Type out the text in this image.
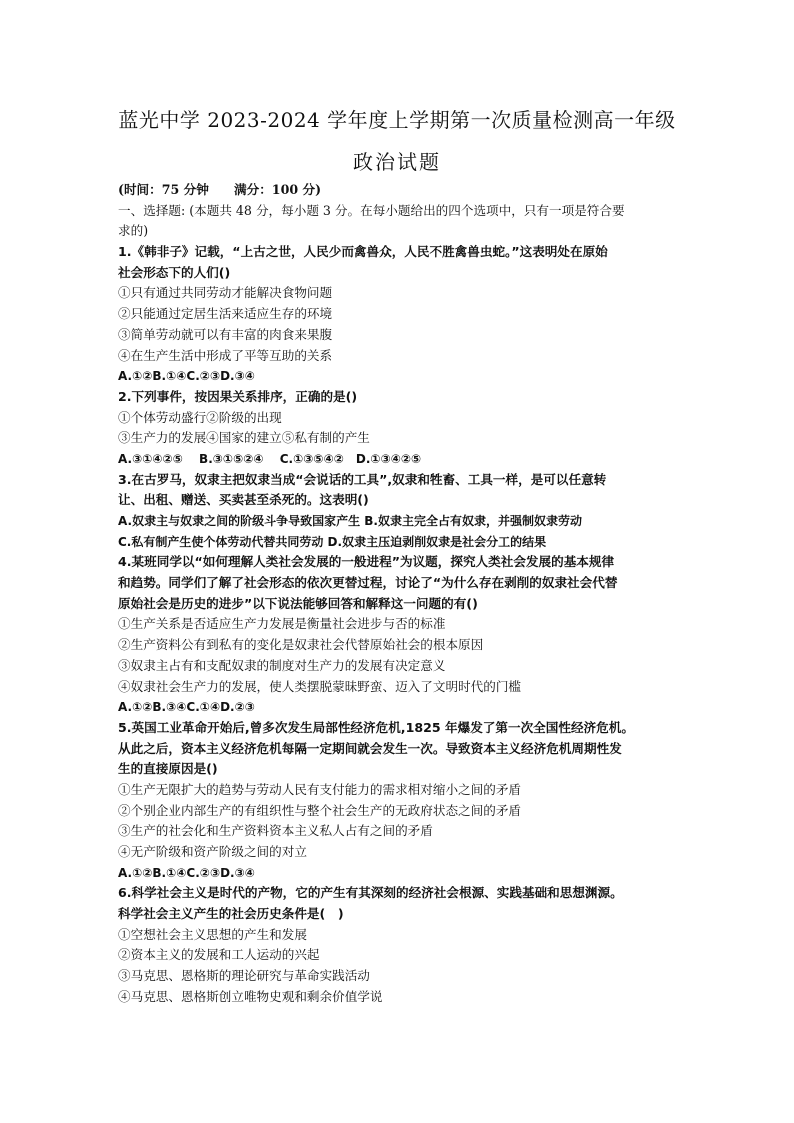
蓝光中学 2023-2024 学年度上学期第一次质量检测高一年级
政治试题
(时间：75 分钟　　满分：100 分)
一、选择题: (本题共 48 分，每小题 3 分。在每小题给出的四个选项中，只有一项是符合要
求的)
1.《韩非子》记载，“上古之世，人民少而禽兽众，人民不胜禽兽虫蛇。”这表明处在原始
社会形态下的人们()
①只有通过共同劳动才能解决食物问题
②只能通过定居生活来适应生存的环境
③简单劳动就可以有丰富的肉食来果腹
④在生产生活中形成了平等互助的关系
A.①②B.①④C.②③D.③④
2.下列事件，按因果关系排序，正确的是()
①个体劳动盛行②阶级的出现
③生产力的发展④国家的建立⑤私有制的产生
A.③①④②⑤　 B.③①⑤②④　 C.①③⑤④②　D.①③④②⑤
3.在古罗马，奴隶主把奴隶当成“会说话的工具”,奴隶和牲畜、工具一样，是可以任意转
让、出租、赠送、买卖甚至杀死的。这表明()
A.奴隶主与奴隶之间的阶级斗争导致国家产生 B.奴隶主完全占有奴隶，并强制奴隶劳动
C.私有制产生使个体劳动代替共同劳动 D.奴隶主压迫剥削奴隶是社会分工的结果
4.某班同学以“如何理解人类社会发展的一般进程”为议题，探究人类社会发展的基本规律
和趋势。同学们了解了社会形态的依次更替过程，讨论了“为什么存在剥削的奴隶社会代替
原始社会是历史的进步”以下说法能够回答和解释这一问题的有()
①生产关系是否适应生产力发展是衡量社会进步与否的标准
②生产资料公有到私有的变化是奴隶社会代替原始社会的根本原因
③奴隶主占有和支配奴隶的制度对生产力的发展有决定意义
④奴隶社会生产力的发展，使人类摆脱蒙昧野蛮、迈入了文明时代的门槛
A.①②B.③④C.①④D.②③
5.英国工业革命开始后,曾多次发生局部性经济危机,1825 年爆发了第一次全国性经济危机。
从此之后，资本主义经济危机每隔一定期间就会发生一次。导致资本主义经济危机周期性发
生的直接原因是()
①生产无限扩大的趋势与劳动人民有支付能力的需求相对缩小之间的矛盾
②个别企业内部生产的有组织性与整个社会生产的无政府状态之间的矛盾
③生产的社会化和生产资料资本主义私人占有之间的矛盾
④无产阶级和资产阶级之间的对立
A.①②B.①④C.②③D.③④
6.科学社会主义是时代的产物，它的产生有其深刻的经济社会根源、实践基础和思想渊源。
科学社会主义产生的社会历史条件是(　)
①空想社会主义思想的产生和发展
②资本主义的发展和工人运动的兴起
③马克思、恩格斯的理论研究与革命实践活动
④马克思、恩格斯创立唯物史观和剩余价值学说
